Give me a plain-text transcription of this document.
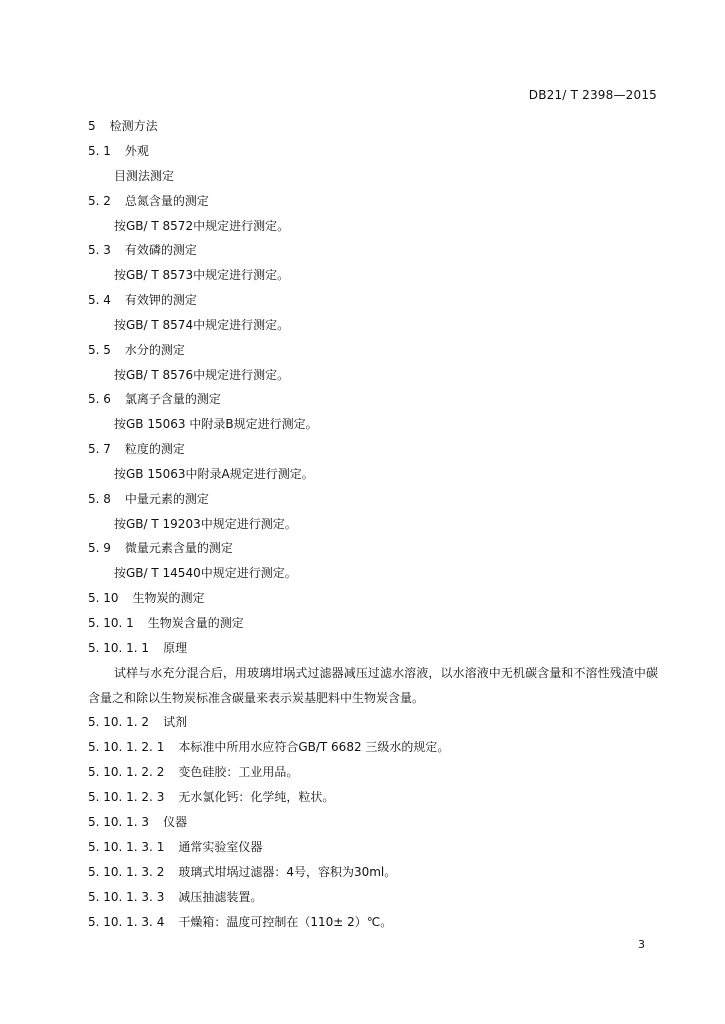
DB21/ T 2398—2015
5 检测方法
5. 1 外观
目测法测定
5. 2 总氮含量的测定
按GB/ T 8572中规定进行测定。
5. 3 有效磷的测定
按GB/ T 8573中规定进行测定。
5. 4 有效钾的测定
按GB/ T 8574中规定进行测定。
5. 5 水分的测定
按GB/ T 8576中规定进行测定。
5. 6 氯离子含量的测定
按GB 15063 中附录B规定进行测定。
5. 7 粒度的测定
按GB 15063中附录A规定进行测定。
5. 8 中量元素的测定
按GB/ T 19203中规定进行测定。
5. 9 微量元素含量的测定
按GB/ T 14540中规定进行测定。
5. 10 生物炭的测定
5. 10. 1 生物炭含量的测定
5. 10. 1. 1 原理
试样与水充分混合后，用玻璃坩埚式过滤器减压过滤水溶液，以水溶液中无机碳含量和不溶性残渣中碳含量之和除以生物炭标准含碳量来表示炭基肥料中生物炭含量。
5. 10. 1. 2 试剂
5. 10. 1. 2. 1 本标准中所用水应符合GB/T 6682 三级水的规定。
5. 10. 1. 2. 2 变色硅胶：工业用品。
5. 10. 1. 2. 3 无水氯化钙：化学纯，粒状。
5. 10. 1. 3 仪器
5. 10. 1. 3. 1 通常实验室仪器
5. 10. 1. 3. 2 玻璃式坩埚过滤器：4号，容积为30ml。
5. 10. 1. 3. 3 减压抽滤装置。
5. 10. 1. 3. 4 干燥箱：温度可控制在（110± 2）℃。
3
